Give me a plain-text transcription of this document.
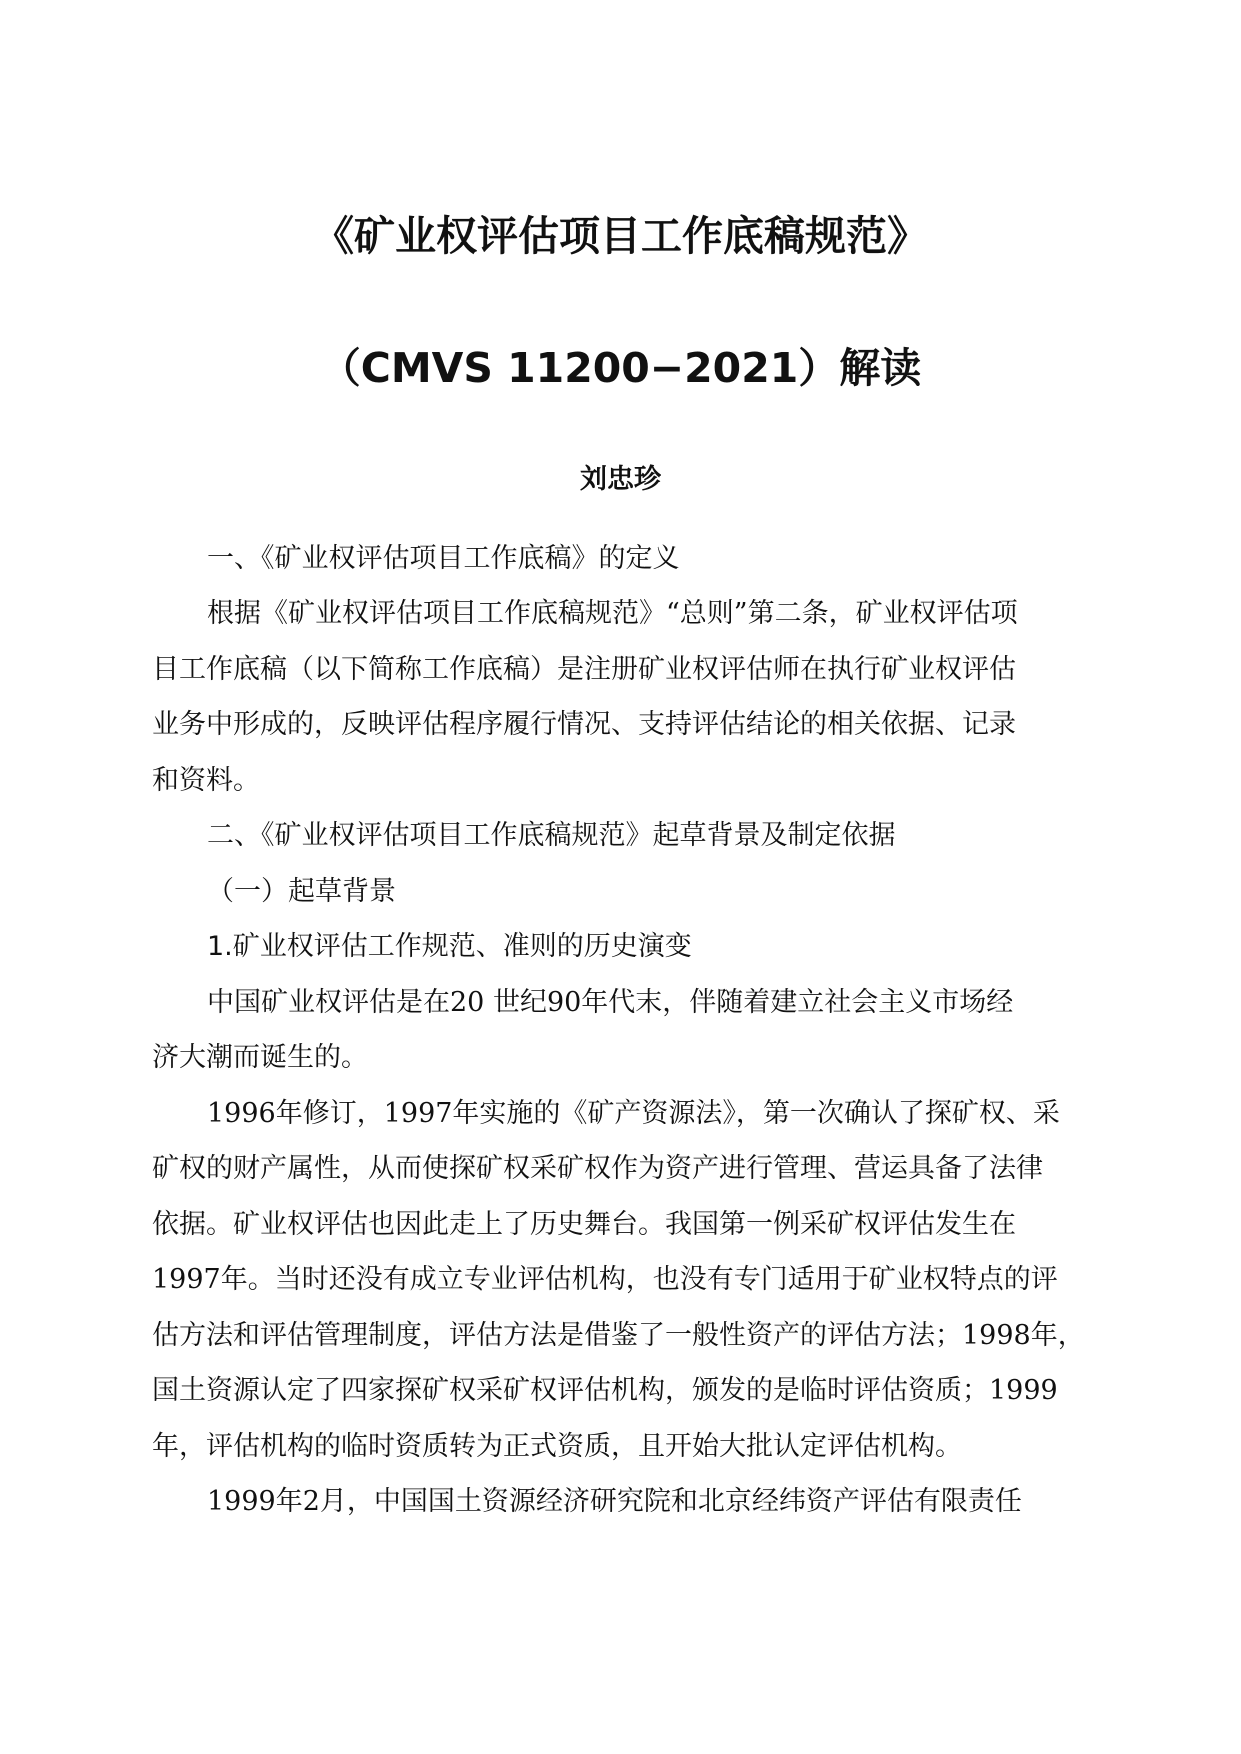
《矿业权评估项目工作底稿规范》
（CMVS 11200−2021）解读
刘忠珍
一、《矿业权评估项目工作底稿》的定义
根据《矿业权评估项目工作底稿规范》“总则”第二条，矿业权评估项
目工作底稿（以下简称工作底稿）是注册矿业权评估师在执行矿业权评估
业务中形成的，反映评估程序履行情况、支持评估结论的相关依据、记录
和资料。
二、《矿业权评估项目工作底稿规范》起草背景及制定依据
（一）起草背景
1.矿业权评估工作规范、准则的历史演变
中国矿业权评估是在20 世纪90年代末，伴随着建立社会主义市场经
济大潮而诞生的。
1996年修订，1997年实施的《矿产资源法》，第一次确认了探矿权、采
矿权的财产属性，从而使探矿权采矿权作为资产进行管理、营运具备了法律
依据。矿业权评估也因此走上了历史舞台。我国第一例采矿权评估发生在
1997年。当时还没有成立专业评估机构，也没有专门适用于矿业权特点的评
估方法和评估管理制度，评估方法是借鉴了一般性资产的评估方法；1998年，
国土资源认定了四家探矿权采矿权评估机构，颁发的是临时评估资质；1999
年，评估机构的临时资质转为正式资质，且开始大批认定评估机构。
1999年2月，中国国土资源经济研究院和北京经纬资产评估有限责任
